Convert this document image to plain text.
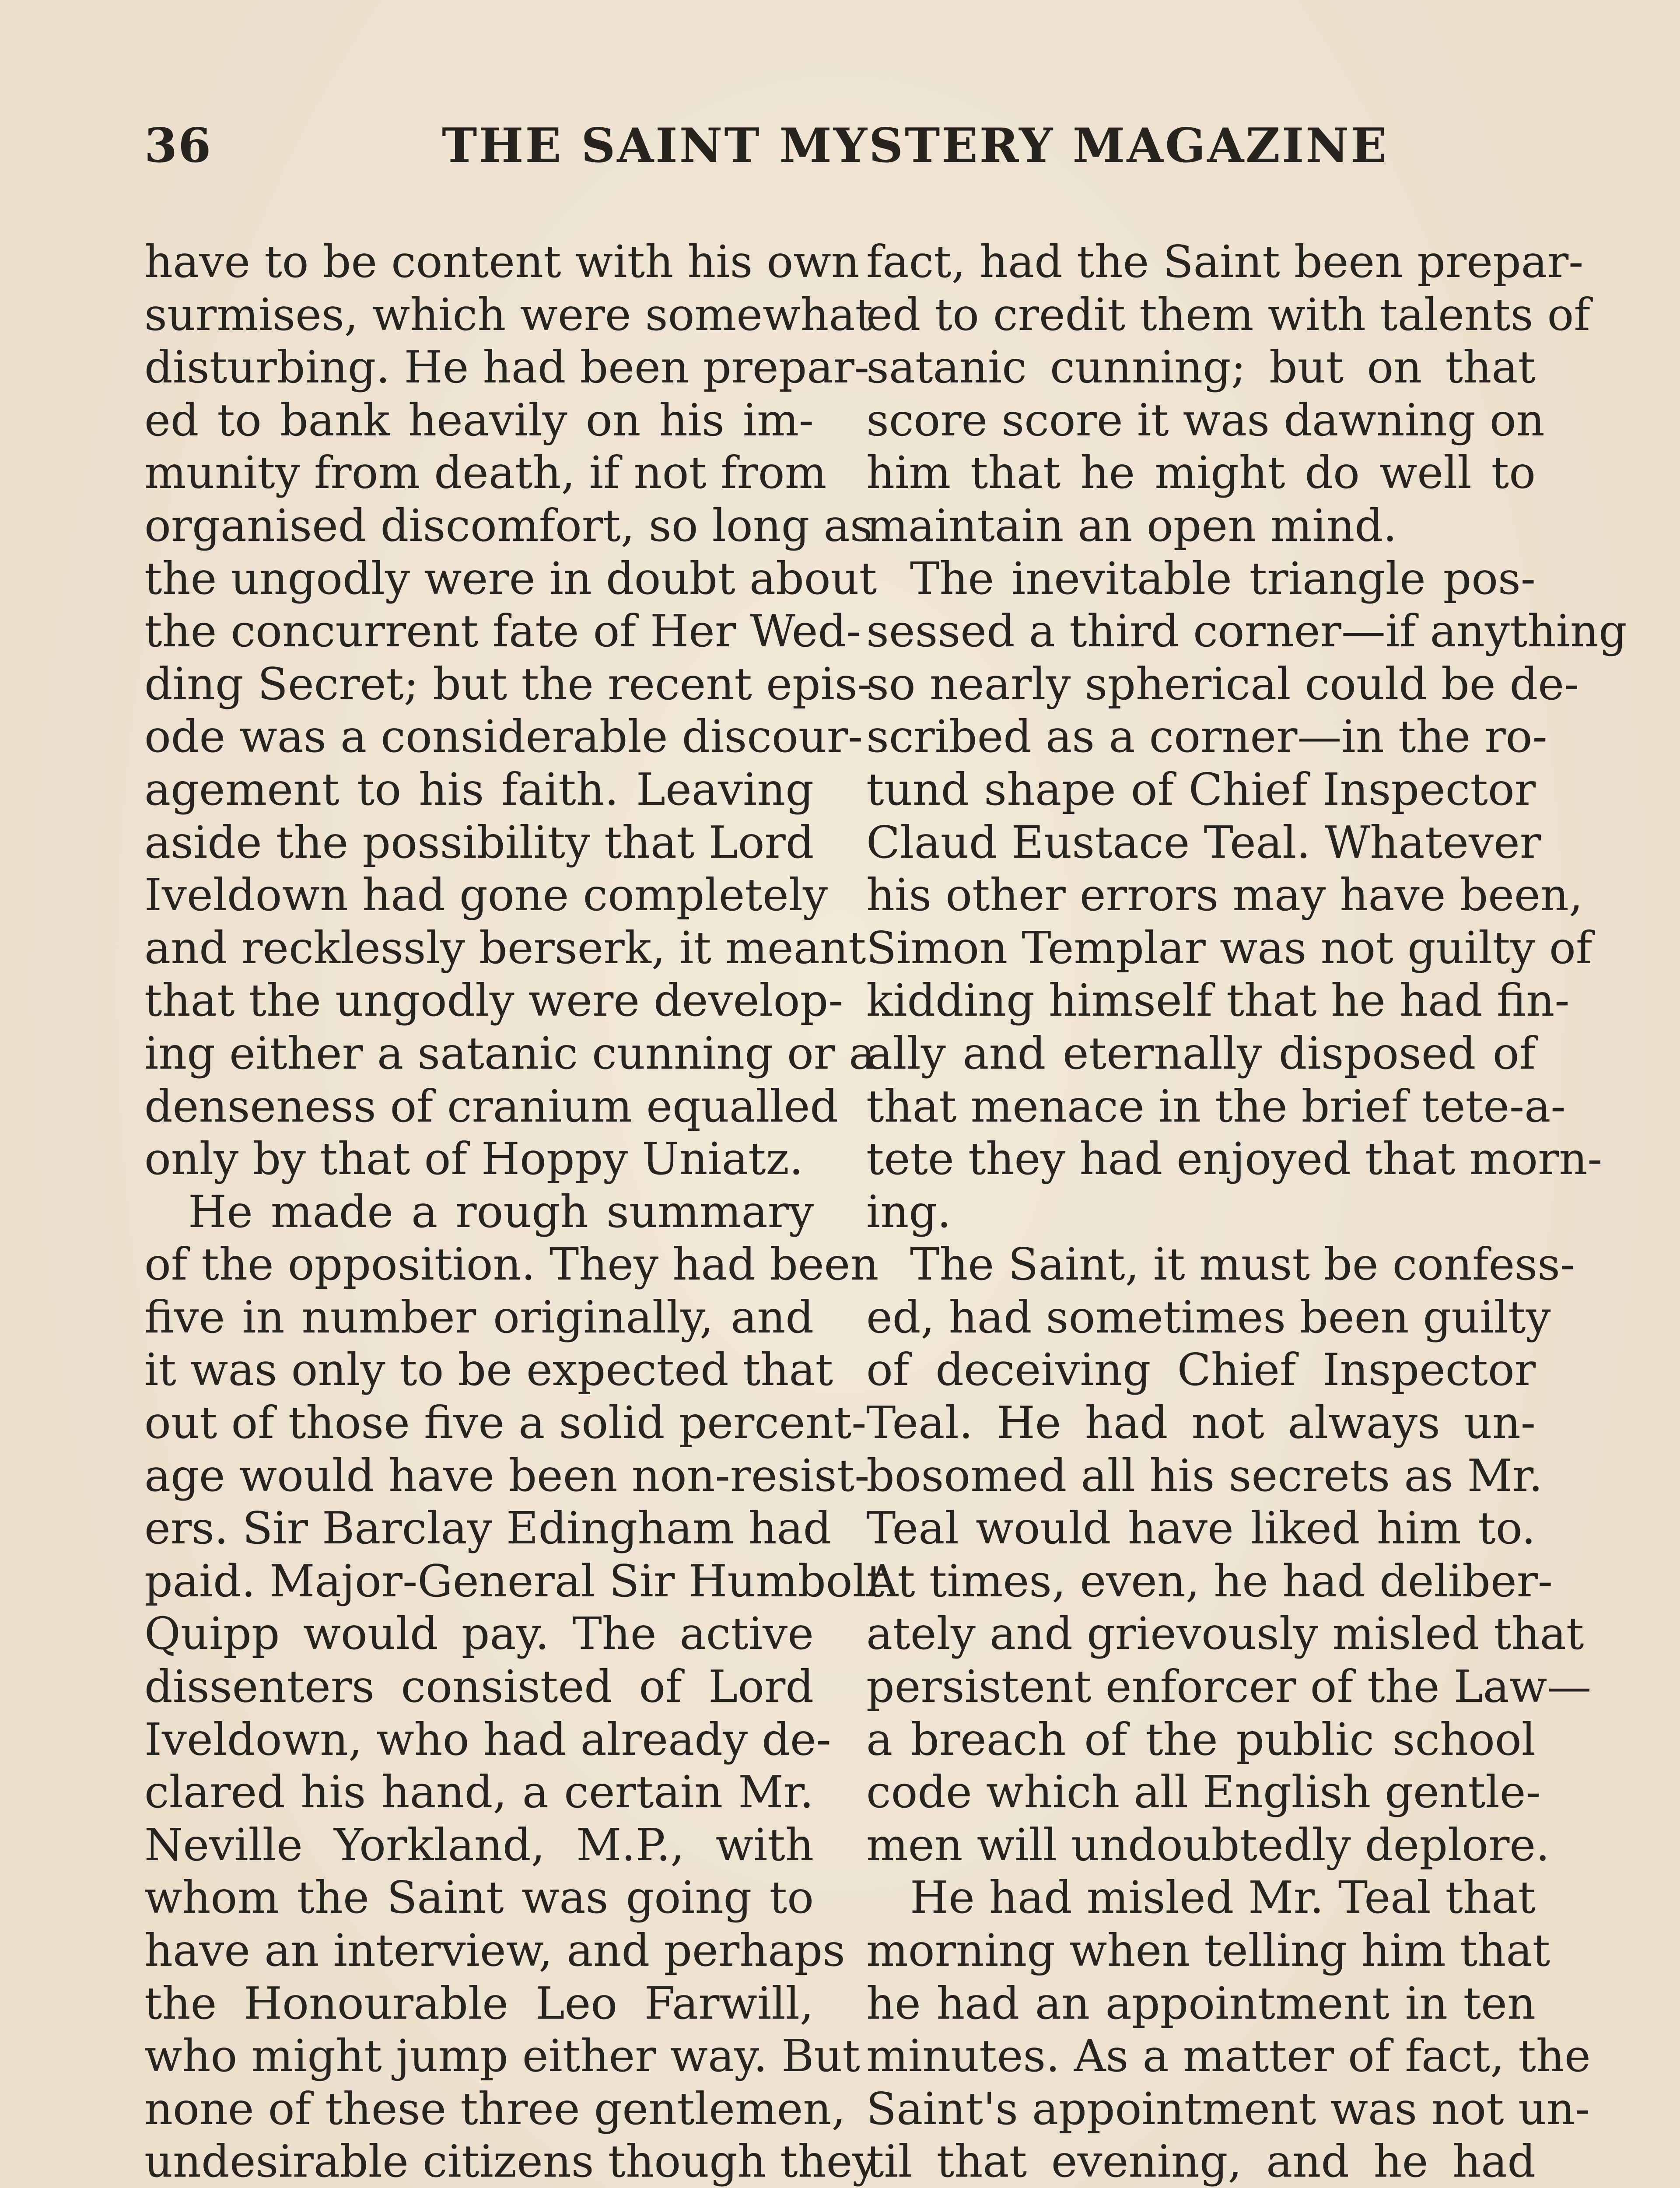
36	THE SAINT MYSTERY MAGAZINE
have to be content with his own
surmises, which were somewhat
disturbing. He had been prepar-
ed to bank heavily on his im-
munity from death, if not from
organised discomfort, so long as
the ungodly were in doubt about
the concurrent fate of Her Wed-
ding Secret; but the recent epis-
ode was a considerable discour-
agement to his faith. Leaving
aside the possibility that Lord
Iveldown had gone completely
and recklessly berserk, it meant
that the ungodly were develop-
ing either a satanic cunning or a
denseness of cranium equalled
only by that of Hoppy Uniatz.
He made a rough summary
of the opposition. They had been
five in number originally, and
it was only to be expected that
out of those five a solid percent-
age would have been non-resist-
ers. Sir Barclay Edingham had
paid. Major-General Sir Humbolt
Quipp would pay. The active
dissenters consisted of Lord
Iveldown, who had already de-
clared his hand, a certain Mr.
Neville Yorkland, M.P., with
whom the Saint was going to
have an interview, and perhaps
the Honourable Leo Farwill,
who might jump either way. But
none of these three gentlemen,
undesirable citizens though they
fact, had the Saint been prepar-
ed to credit them with talents of
satanic cunning; but on that
score score it was dawning on
him that he might do well to
maintain an open mind.
The inevitable triangle pos-
sessed a third corner—if anything
so nearly spherical could be de-
scribed as a corner—in the ro-
tund shape of Chief Inspector
Claud Eustace Teal. Whatever
his other errors may have been,
Simon Templar was not guilty of
kidding himself that he had fin-
ally and eternally disposed of
that menace in the brief tete-a-
tete they had enjoyed that morn-
ing.
The Saint, it must be confess-
ed, had sometimes been guilty
of deceiving Chief Inspector
Teal. He had not always un-
bosomed all his secrets as Mr.
Teal would have liked him to.
At times, even, he had deliber-
ately and grievously misled that
persistent enforcer of the Law—
a breach of the public school
code which all English gentle-
men will undoubtedly deplore.
He had misled Mr. Teal that
morning when telling him that
he had an appointment in ten
minutes. As a matter of fact, the
Saint's appointment was not un-
til that evening, and he had
